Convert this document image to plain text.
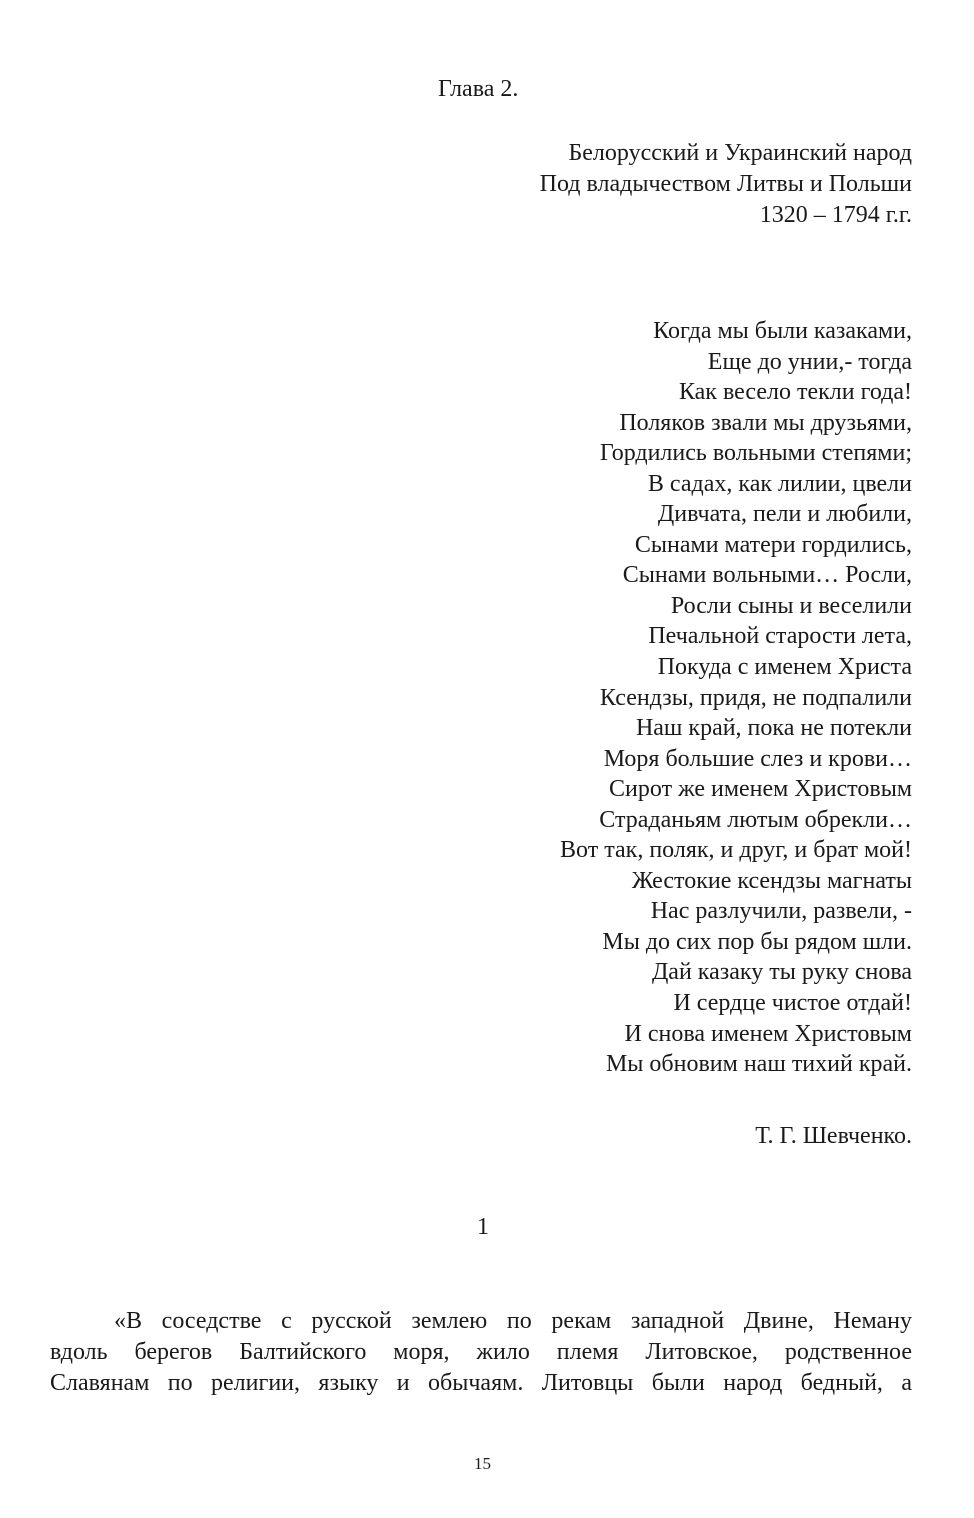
Глава 2.
Белорусский и Украинский народ
Под владычеством Литвы и Польши
1320 – 1794 г.г.
Когда мы были казаками,
Еще до унии,- тогда
Как весело текли года!
Поляков звали мы друзьями,
Гордились вольными степями;
В садах, как лилии, цвели
Дивчата, пели и любили,
Сынами матери гордились,
Сынами вольными… Росли,
Росли сыны и веселили
Печальной старости лета,
Покуда с именем Христа
Ксендзы, придя, не подпалили
Наш край, пока не потекли
Моря большие слез и крови…
Сирот же именем Христовым
Страданьям лютым обрекли…
Вот так, поляк, и друг, и брат мой!
Жестокие ксендзы магнаты
Нас разлучили, развели, -
Мы до сих пор бы рядом шли.
Дай казаку ты руку снова
И сердце чистое отдай!
И снова именем Христовым
Мы обновим наш тихий край.
Т. Г. Шевченко.
1
«В соседстве с русской землею по рекам западной Двине, Неману
вдоль берегов Балтийского моря, жило племя Литовское, родственное
Славянам по религии, языку и обычаям. Литовцы были народ бедный, а
15
